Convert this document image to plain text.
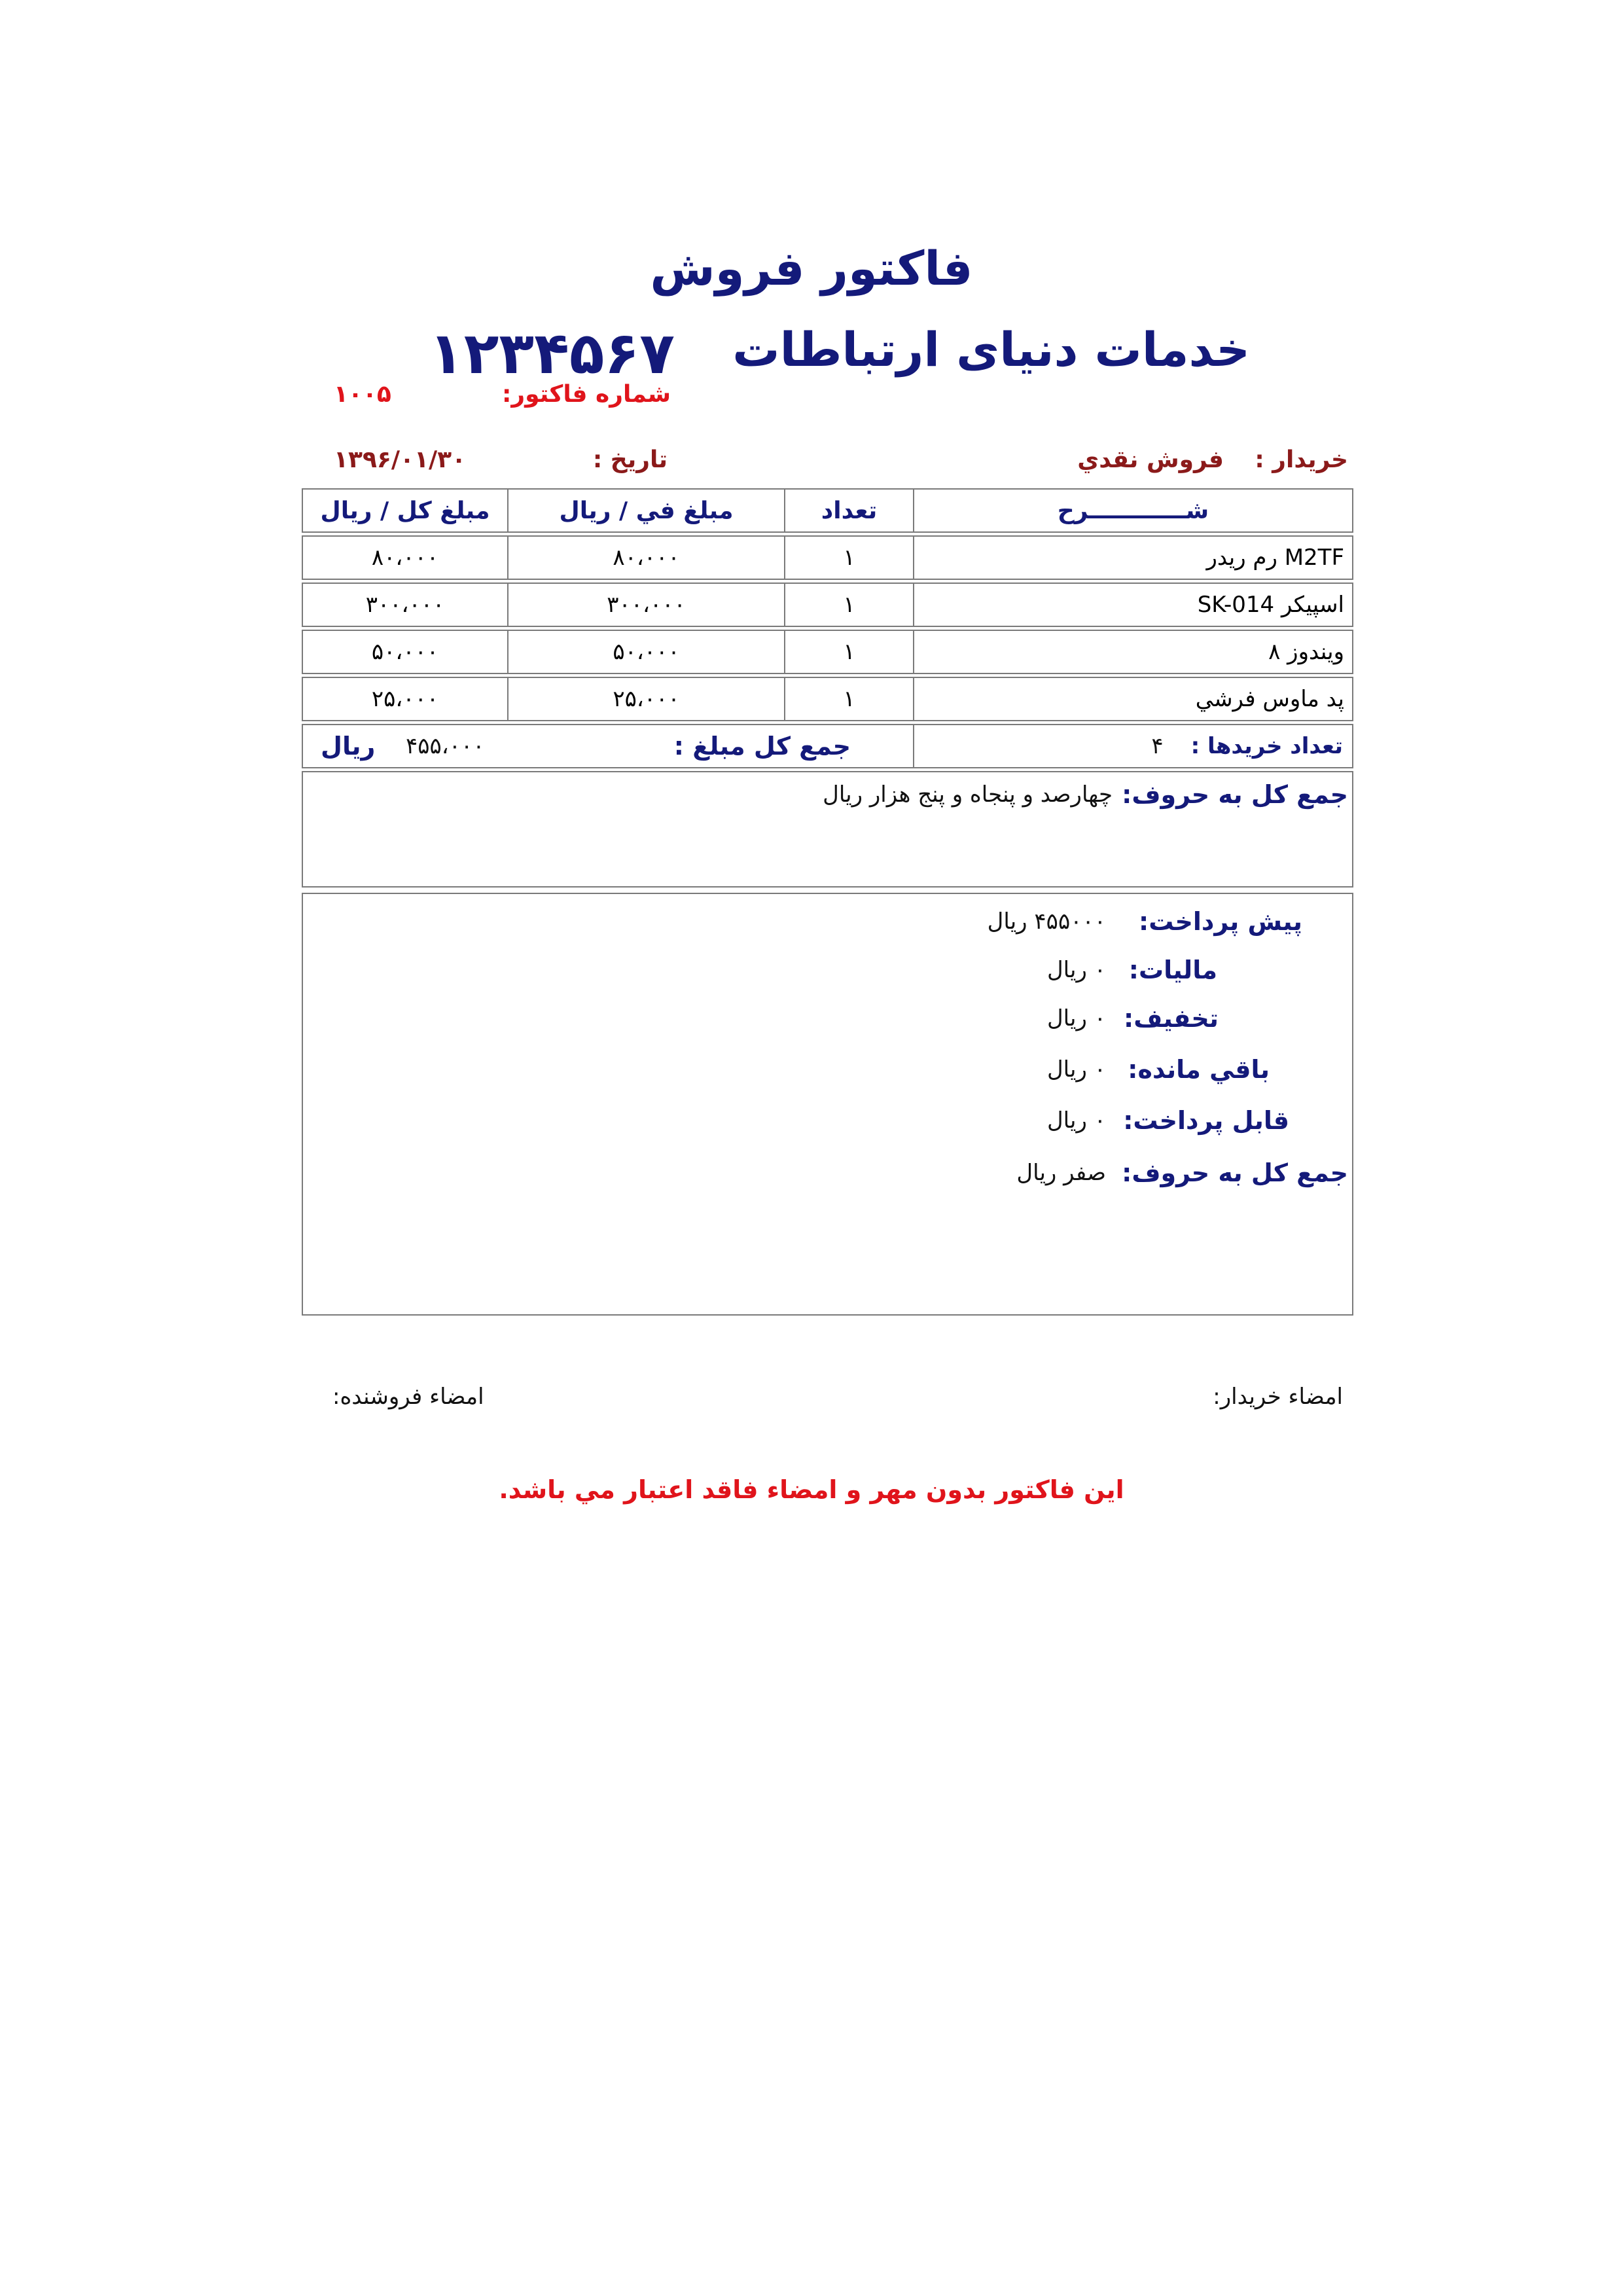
فاكتور فروش
خدمات دنیای ارتباطات
۱۲۳۴۵۶۷
شماره فاكتور:
۱۰۰۵
خريدار :
فروش نقدي
تاريخ :
۱۳۹۶/۰۱/۳۰
شــــــــــــرح
تعداد
مبلغ في / ريال
مبلغ كل / ريال
M2TF رم ریدر
۱
۸۰،۰۰۰
۸۰،۰۰۰
اسپیکر SK-014
۱
۳۰۰،۰۰۰
۳۰۰،۰۰۰
ویندوز ۸
۱
۵۰،۰۰۰
۵۰،۰۰۰
پد ماوس فرشي
۱
۲۵،۰۰۰
۲۵،۰۰۰
تعداد خريدها :
۴
جمع كل مبلغ :
۴۵۵،۰۰۰
ريال
جمع كل به حروف:
چهارصد و پنجاه و پنج هزار ریال
پيش پرداخت:
۴۵۵۰۰۰ ریال
ماليات:
۰ ریال
تخفيف:
۰ ریال
باقي مانده:
۰ ریال
قابل پرداخت:
۰ ریال
جمع كل به حروف:
صفر ریال
امضاء خريدار:
امضاء فروشنده:
اين فاكتور بدون مهر و امضاء فاقد اعتبار مي باشد.
